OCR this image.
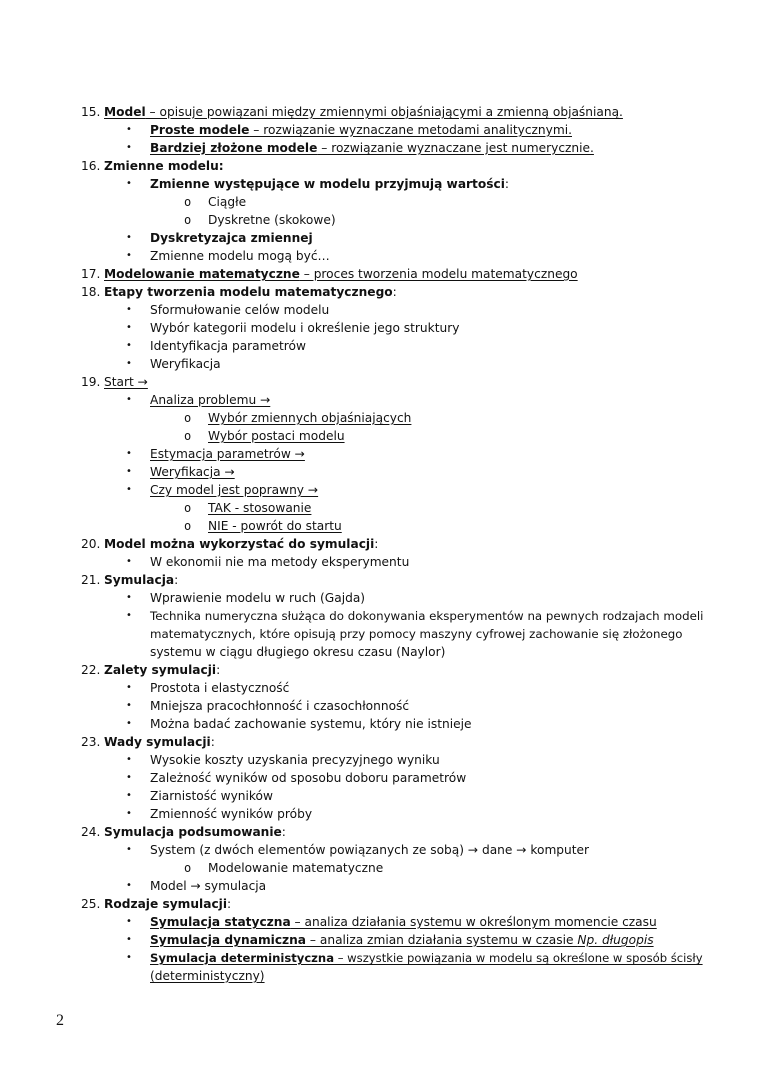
15. Model – opisuje powiązani między zmiennymi objaśniającymi a zmienną objaśnianą.
• Proste modele – rozwiązanie wyznaczane metodami analitycznymi.
• Bardziej złożone modele – rozwiązanie wyznaczane jest numerycznie.
16. Zmienne modelu:
• Zmienne występujące w modelu przyjmują wartości:
o Ciągłe
o Dyskretne (skokowe)
• Dyskretyzajca zmiennej
• Zmienne modelu mogą być…
17. Modelowanie matematyczne – proces tworzenia modelu matematycznego
18. Etapy tworzenia modelu matematycznego:
• Sformułowanie celów modelu
• Wybór kategorii modelu i określenie jego struktury
• Identyfikacja parametrów
• Weryfikacja
19. Start →
• Analiza problemu →
o Wybór zmiennych objaśniających
o Wybór postaci modelu
• Estymacja parametrów →
• Weryfikacja →
• Czy model jest poprawny →
o TAK - stosowanie
o NIE - powrót do startu
20. Model można wykorzystać do symulacji:
• W ekonomii nie ma metody eksperymentu
21. Symulacja:
• Wprawienie modelu w ruch (Gajda)
• Technika numeryczna służąca do dokonywania eksperymentów na pewnych rodzajach modeli
matematycznych, które opisują przy pomocy maszyny cyfrowej zachowanie się złożonego
systemu w ciągu długiego okresu czasu (Naylor)
22. Zalety symulacji:
• Prostota i elastyczność
• Mniejsza pracochłonność i czasochłonność
• Można badać zachowanie systemu, który nie istnieje
23. Wady symulacji:
• Wysokie koszty uzyskania precyzyjnego wyniku
• Zależność wyników od sposobu doboru parametrów
• Ziarnistość wyników
• Zmienność wyników próby
24. Symulacja podsumowanie:
• System (z dwóch elementów powiązanych ze sobą) → dane → komputer
o Modelowanie matematyczne
• Model → symulacja
25. Rodzaje symulacji:
• Symulacja statyczna – analiza działania systemu w określonym momencie czasu
• Symulacja dynamiczna – analiza zmian działania systemu w czasie Np. długopis
• Symulacja deterministyczna – wszystkie powiązania w modelu są określone w sposób ścisły
(deterministyczny)
2
